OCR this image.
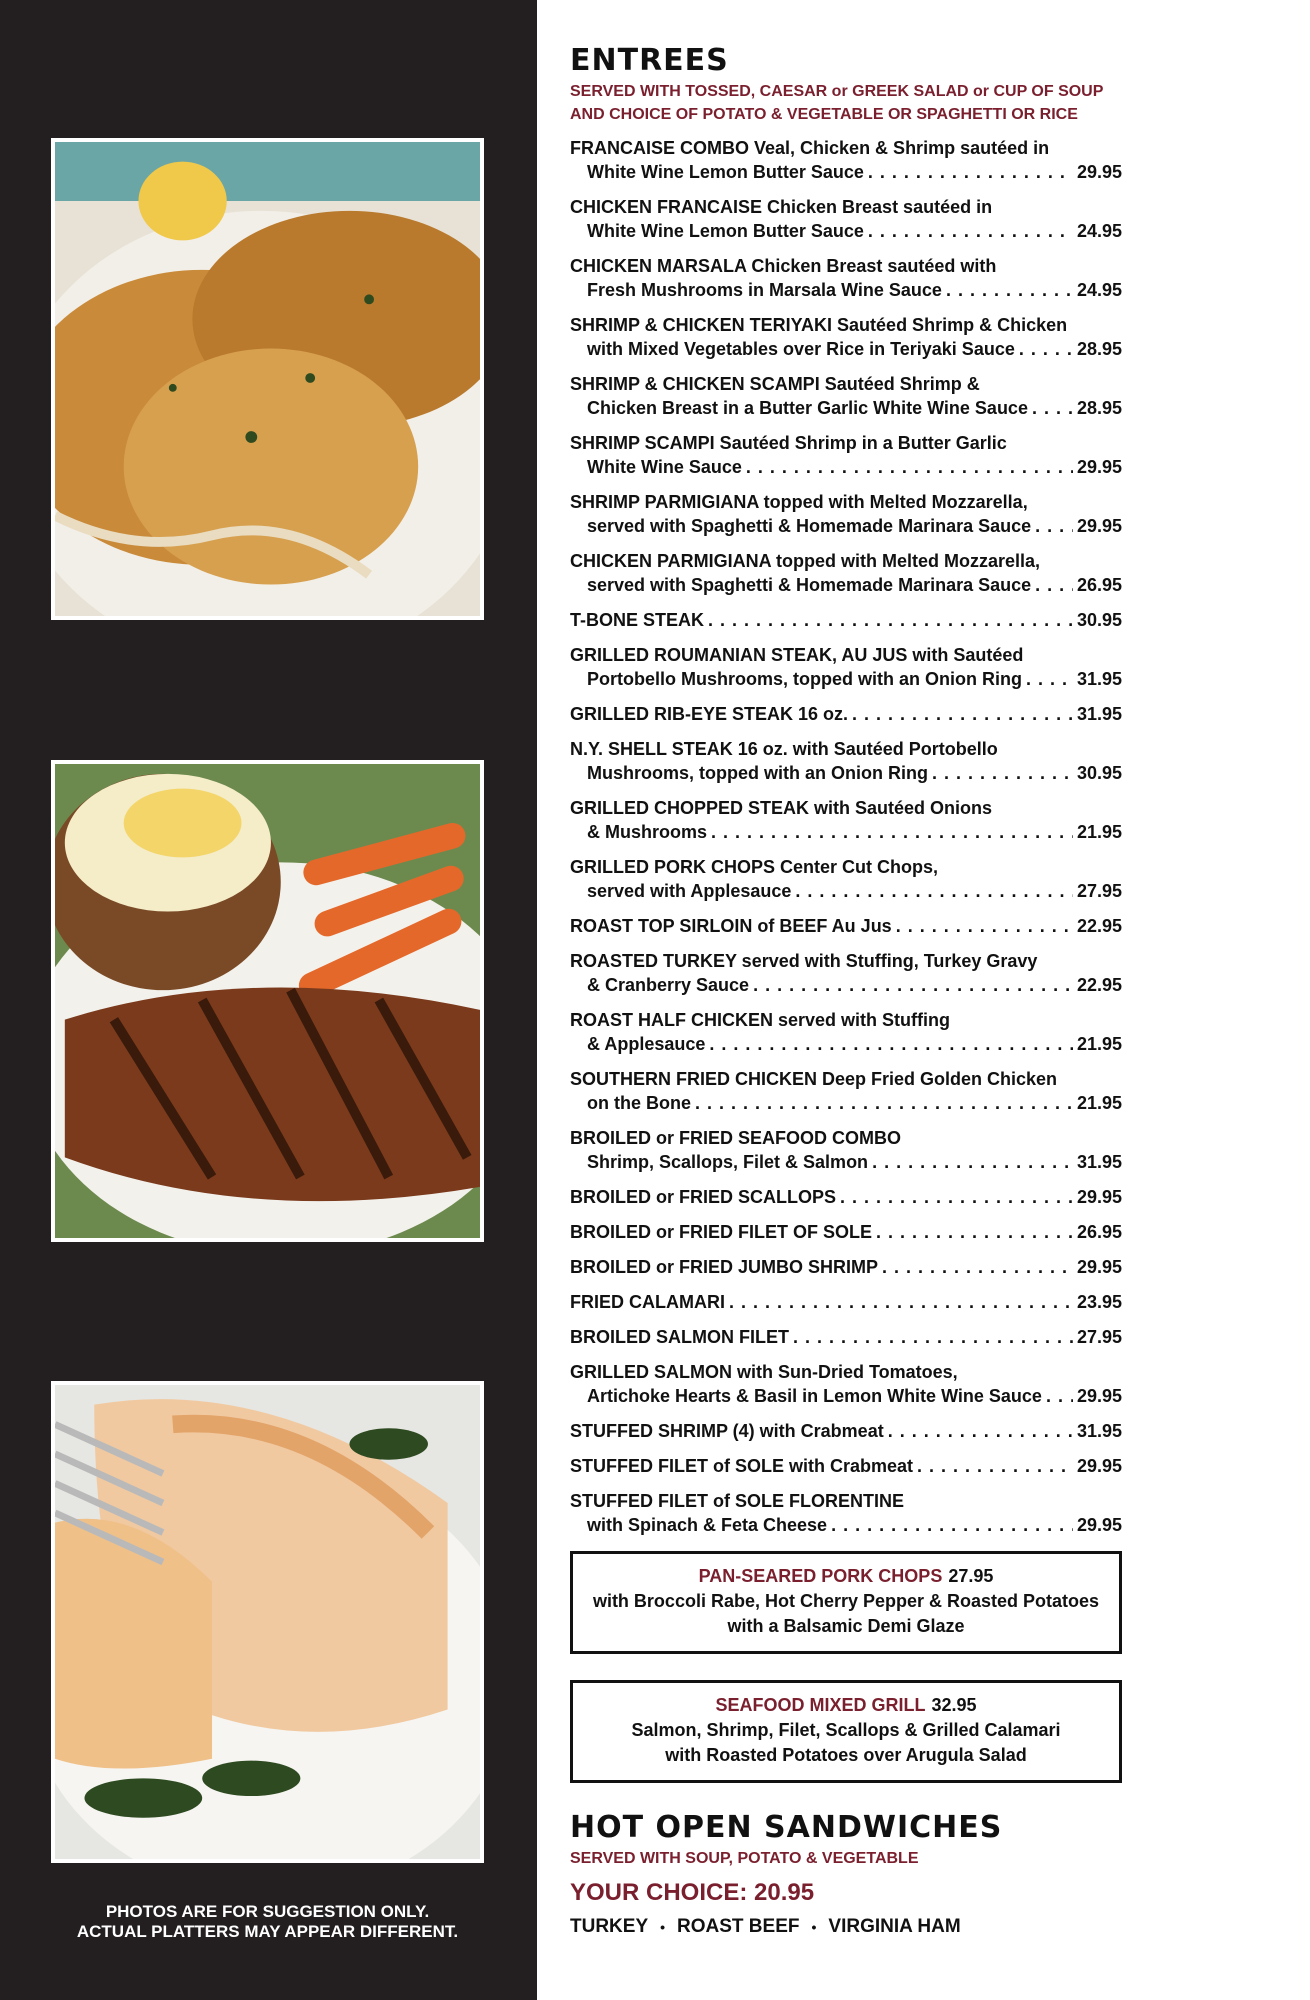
PHOTOS ARE FOR SUGGESTION ONLY.
ACTUAL PLATTERS MAY APPEAR DIFFERENT.
ENTREES
SERVED WITH TOSSED, CAESAR or GREEK SALAD or CUP OF SOUP
AND CHOICE OF POTATO & VEGETABLE OR SPAGHETTI OR RICE
FRANCAISE COMBO Veal, Chicken & Shrimp sautéed in
White Wine Lemon Butter Sauce . . .	29.95
CHICKEN FRANCAISE Chicken Breast sautéed in
White Wine Lemon Butter Sauce . . .	24.95
CHICKEN MARSALA Chicken Breast sautéed with
Fresh Mushrooms in Marsala Wine Sauce . . .	24.95
SHRIMP & CHICKEN TERIYAKI Sautéed Shrimp & Chicken
with Mixed Vegetables over Rice in Teriyaki Sauce . . .	28.95
SHRIMP & CHICKEN SCAMPI Sautéed Shrimp &
Chicken Breast in a Butter Garlic White Wine Sauce . . .	28.95
SHRIMP SCAMPI Sautéed Shrimp in a Butter Garlic
White Wine Sauce . . .	29.95
SHRIMP PARMIGIANA topped with Melted Mozzarella,
served with Spaghetti & Homemade Marinara Sauce . . .	29.95
CHICKEN PARMIGIANA topped with Melted Mozzarella,
served with Spaghetti & Homemade Marinara Sauce . . .	26.95
T-BONE STEAK . . .	30.95
GRILLED ROUMANIAN STEAK, AU JUS with Sautéed
Portobello Mushrooms, topped with an Onion Ring . . .	31.95
GRILLED RIB-EYE STEAK 16 oz. . . .	31.95
N.Y. SHELL STEAK 16 oz. with Sautéed Portobello
Mushrooms, topped with an Onion Ring . . .	30.95
GRILLED CHOPPED STEAK with Sautéed Onions
& Mushrooms . . .	21.95
GRILLED PORK CHOPS Center Cut Chops,
served with Applesauce . . .	27.95
ROAST TOP SIRLOIN of BEEF Au Jus . . .	22.95
ROASTED TURKEY served with Stuffing, Turkey Gravy
& Cranberry Sauce . . .	22.95
ROAST HALF CHICKEN served with Stuffing
& Applesauce . . .	21.95
SOUTHERN FRIED CHICKEN Deep Fried Golden Chicken
on the Bone . . .	21.95
BROILED or FRIED SEAFOOD COMBO
Shrimp, Scallops, Filet & Salmon . . .	31.95
BROILED or FRIED SCALLOPS . . .	29.95
BROILED or FRIED FILET OF SOLE . . .	26.95
BROILED or FRIED JUMBO SHRIMP . . .	29.95
FRIED CALAMARI . . .	23.95
BROILED SALMON FILET . . .	27.95
GRILLED SALMON with Sun-Dried Tomatoes,
Artichoke Hearts & Basil in Lemon White Wine Sauce . . . 29.95
STUFFED SHRIMP (4) with Crabmeat . . .	31.95
STUFFED FILET of SOLE with Crabmeat . . .	29.95
STUFFED FILET of SOLE FLORENTINE
with Spinach & Feta Cheese . . .	29.95
PAN-SEARED PORK CHOPS 27.95
with Broccoli Rabe, Hot Cherry Pepper & Roasted Potatoes
with a Balsamic Demi Glaze
SEAFOOD MIXED GRILL 32.95
Salmon, Shrimp, Filet, Scallops & Grilled Calamari
with Roasted Potatoes over Arugula Salad
HOT OPEN SANDWICHES
SERVED WITH SOUP, POTATO & VEGETABLE
YOUR CHOICE: 20.95
TURKEY • ROAST BEEF • VIRGINIA HAM
